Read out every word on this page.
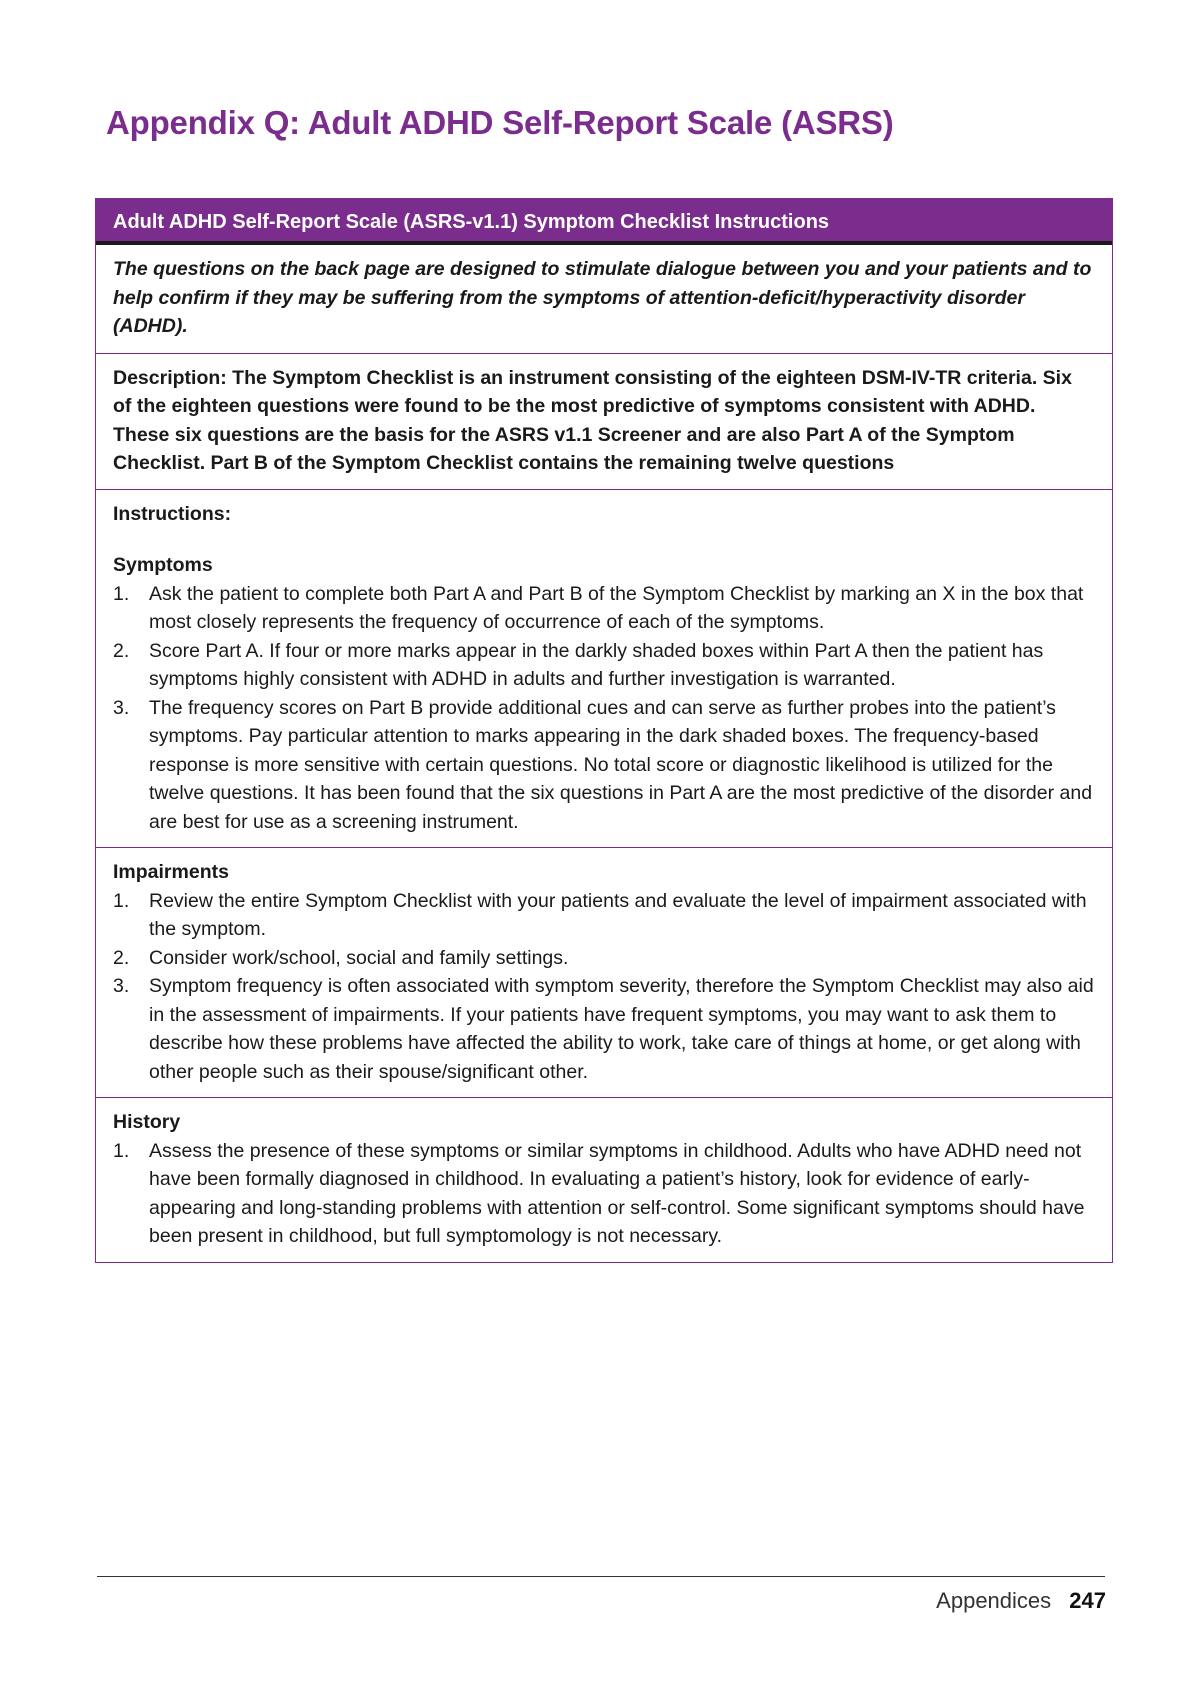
Appendix Q: Adult ADHD Self-Report Scale (ASRS)
Adult ADHD Self-Report Scale (ASRS-v1.1) Symptom Checklist Instructions

The questions on the back page are designed to stimulate dialogue between you and your patients and to help confirm if they may be suffering from the symptoms of attention-deficit/hyperactivity disorder (ADHD).

Description: The Symptom Checklist is an instrument consisting of the eighteen DSM-IV-TR criteria. Six of the eighteen questions were found to be the most predictive of symptoms consistent with ADHD. These six questions are the basis for the ASRS v1.1 Screener and are also Part A of the Symptom Checklist. Part B of the Symptom Checklist contains the remaining twelve questions

Instructions:
Symptoms
1. Ask the patient to complete both Part A and Part B of the Symptom Checklist by marking an X in the box that most closely represents the frequency of occurrence of each of the symptoms.
2. Score Part A. If four or more marks appear in the darkly shaded boxes within Part A then the patient has symptoms highly consistent with ADHD in adults and further investigation is warranted.
3. The frequency scores on Part B provide additional cues and can serve as further probes into the patient’s symptoms. Pay particular attention to marks appearing in the dark shaded boxes. The frequency-based response is more sensitive with certain questions. No total score or diagnostic likelihood is utilized for the twelve questions. It has been found that the six questions in Part A are the most predictive of the disorder and are best for use as a screening instrument.
Impairments
1. Review the entire Symptom Checklist with your patients and evaluate the level of impairment associated with the symptom.
2. Consider work/school, social and family settings.
3. Symptom frequency is often associated with symptom severity, therefore the Symptom Checklist may also aid in the assessment of impairments. If your patients have frequent symptoms, you may want to ask them to describe how these problems have affected the ability to work, take care of things at home, or get along with other people such as their spouse/significant other.
History
1. Assess the presence of these symptoms or similar symptoms in childhood. Adults who have ADHD need not have been formally diagnosed in childhood. In evaluating a patient’s history, look for evidence of early-appearing and long-standing problems with attention or self-control. Some significant symptoms should have been present in childhood, but full symptomology is not necessary.
Appendices 247
